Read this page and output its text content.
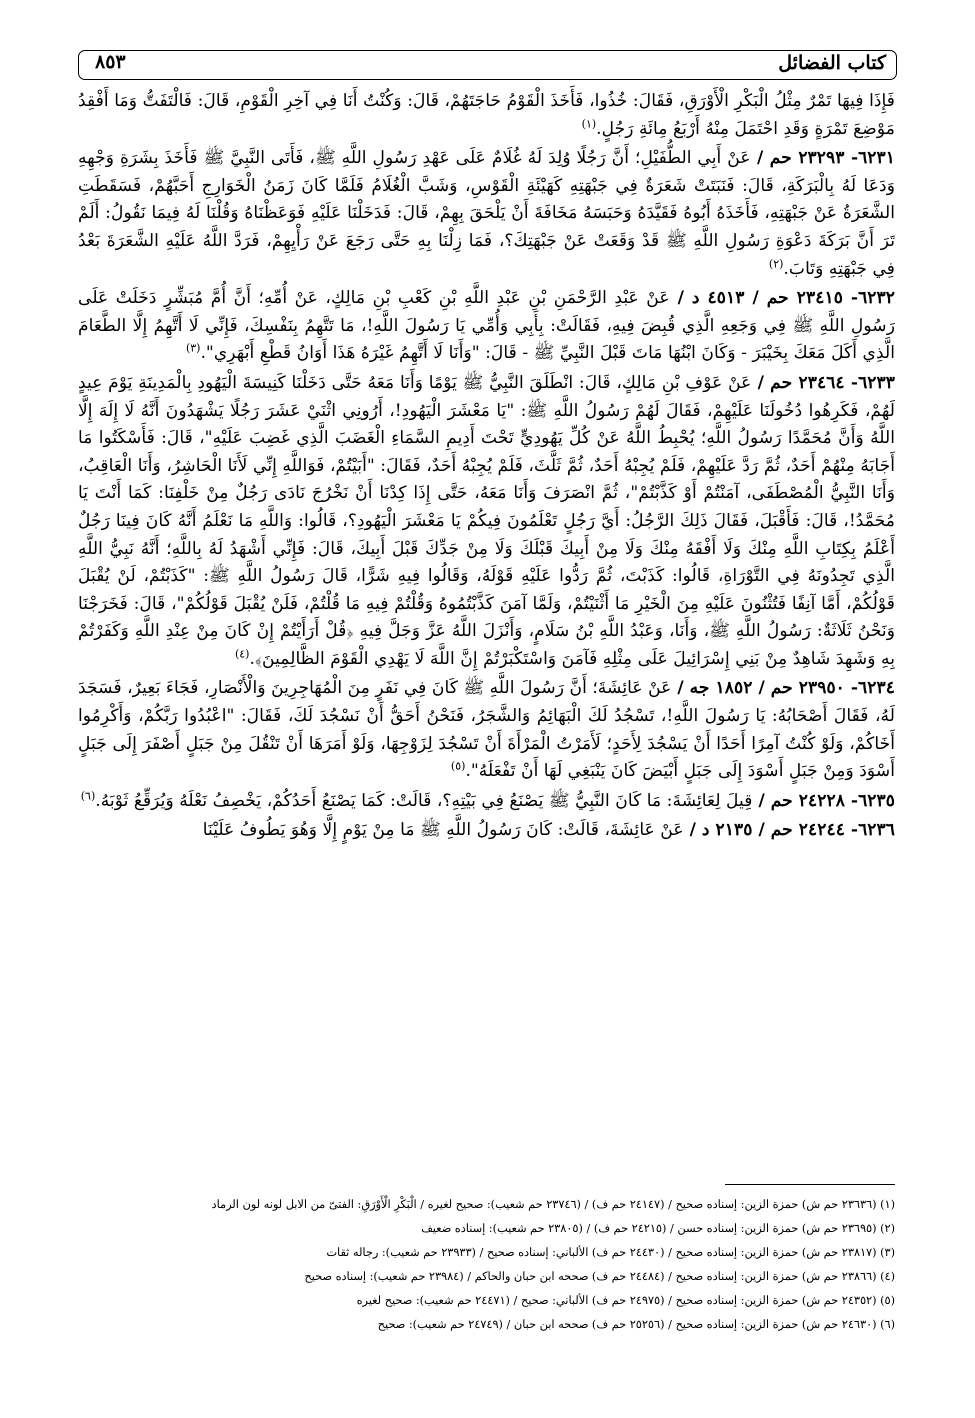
كتاب الفضائل
٨٥٣

فَإِذَا فِيهَا تَمْرٌ مِثْلُ الْبَكْرِ الْأَوْرَقِ، فَقَالَ: خُذُوا، فَأَخَذَ الْقَوْمُ حَاجَتَهُمْ، قَالَ: وَكُنْتُ أَنَا فِي آخِرِ الْقَوْمِ، قَالَ: فَالْتَفَتُّ وَمَا أَفْقِدُ مَوْضِعَ تَمْرَةٍ وَقَدِ احْتَمَلَ مِنْهُ أَرْبَعُ مِائَةِ رَجُلٍ.$^{(١)}$

٦٢٣١- ٢٣٢٩٣ حم / عَنْ أَبِي الطُّفَيْلِ؛ أَنَّ رَجُلًا وُلِدَ لَهُ غُلَامٌ عَلَى عَهْدِ رَسُولِ اللَّهِ ﷺ، فَأَتَى النَّبِيَّ ﷺ فَأَخَذَ بِشَرَةِ وَجْهِهِ وَدَعَا لَهُ بِالْبَرَكَةِ، قَالَ: فَنَبَتَتْ شَعَرَةٌ فِي جَبْهَتِهِ كَهَيْئَةِ الْقَوْسِ، وَشَبَّ الْغُلَامُ فَلَمَّا كَانَ زَمَنُ الْخَوَارِجِ أَحَبَّهُمْ، فَسَقَطَتِ الشَّعَرَةُ عَنْ جَبْهَتِهِ، فَأَخَذَهُ أَبُوهُ فَقَيَّدَهُ وَحَبَسَهُ مَخَافَةَ أَنْ يَلْحَقَ بِهِمْ، قَالَ: فَدَخَلْنَا عَلَيْهِ فَوَعَظْنَاهُ وَقُلْنَا لَهُ فِيمَا نَقُولُ: أَلَمْ تَرَ أَنَّ بَرَكَةَ دَعْوَةِ رَسُولِ اللَّهِ ﷺ قَدْ وَقَعَتْ عَنْ جَبْهَتِكَ؟، فَمَا زِلْنَا بِهِ حَتَّى رَجَعَ عَنْ رَأْيِهِمْ، فَرَدَّ اللَّهُ عَلَيْهِ الشَّعَرَةَ بَعْدُ فِي جَبْهَتِهِ وَتَابَ.$^{(٢)}$

٦٢٣٢- ٢٣٤١٥ حم / ٤٥١٣ د / عَنْ عَبْدِ الرَّحْمَنِ بْنِ عَبْدِ اللَّهِ بْنِ كَعْبِ بْنِ مَالِكٍ، عَنْ أُمِّهِ؛ أَنَّ أُمَّ مُبَشِّرٍ دَخَلَتْ عَلَى رَسُولِ اللَّهِ ﷺ فِي وَجَعِهِ الَّذِي قُبِضَ فِيهِ، فَقَالَتْ: بِأَبِي وَأُمِّي يَا رَسُولَ اللَّهِ!، مَا تَتَّهِمُ بِنَفْسِكَ، فَإِنِّي لَا أَتَّهِمُ إِلَّا الطَّعَامَ الَّذِي أَكَلَ مَعَكَ بِخَيْبَرَ - وَكَانَ ابْنُهَا مَاتَ قَبْلَ النَّبِيِّ ﷺ - قَالَ: "وَأَنَا لَا أَتَّهِمُ غَيْرَهُ هَذَا أَوَانُ قَطْعِ أَبْهَرِي".$^{(٣)}$

٦٢٣٣- ٢٣٤٦٤ حم / عَنْ عَوْفِ بْنِ مَالِكٍ، قَالَ: انْطَلَقَ النَّبِيُّ ﷺ يَوْمًا وَأَنَا مَعَهُ حَتَّى دَخَلْنَا كَنِيسَةَ الْيَهُودِ بِالْمَدِينَةِ يَوْمَ عِيدٍ لَهُمْ، فَكَرِهُوا دُخُولَنَا عَلَيْهِمْ، فَقَالَ لَهُمْ رَسُولُ اللَّهِ ﷺ: "يَا مَعْشَرَ الْيَهُودِ!، أَرُونِي اثْنَيْ عَشَرَ رَجُلًا يَشْهَدُونَ أَنَّهُ لَا إِلَهَ إِلَّا اللَّهُ وَأَنَّ مُحَمَّدًا رَسُولُ اللَّهِ؛ يُحْبِطُ اللَّهُ عَنْ كُلِّ يَهُودِيٍّ تَحْتَ أَدِيمِ السَّمَاءِ الْغَضَبَ الَّذِي غَضِبَ عَلَيْهِ"، قَالَ: فَأَسْكَتُوا مَا أَجَابَهُ مِنْهُمْ أَحَدٌ، ثُمَّ رَدَّ عَلَيْهِمْ، فَلَمْ يُجِبْهُ أَحَدٌ، ثُمَّ ثَلَّثَ، فَلَمْ يُجِبْهُ أَحَدٌ، فَقَالَ: "أَبَيْتُمْ، فَوَاللَّهِ إِنِّي لَأَنَا الْحَاشِرُ، وَأَنَا الْعَاقِبُ، وَأَنَا النَّبِيُّ الْمُصْطَفَى، آمَنْتُمْ أَوْ كَذَّبْتُمْ"، ثُمَّ انْصَرَفَ وَأَنَا مَعَهُ، حَتَّى إِذَا كِدْنَا أَنْ نَخْرُجَ نَادَى رَجُلٌ مِنْ خَلْفِنَا: كَمَا أَنْتَ يَا مُحَمَّدُ!، قَالَ: فَأَقْبَلَ، فَقَالَ ذَلِكَ الرَّجُلُ: أَيَّ رَجُلٍ تَعْلَمُونَ فِيكُمْ يَا مَعْشَرَ الْيَهُودِ؟، قَالُوا: وَاللَّهِ مَا نَعْلَمُ أَنَّهُ كَانَ فِينَا رَجُلٌ أَعْلَمُ بِكِتَابِ اللَّهِ مِنْكَ وَلَا أَفْقَهُ مِنْكَ وَلَا مِنْ أَبِيكَ قَبْلَكَ وَلَا مِنْ جَدِّكَ قَبْلَ أَبِيكَ، قَالَ: فَإِنِّي أَشْهَدُ لَهُ بِاللَّهِ؛ أَنَّهُ نَبِيُّ اللَّهِ الَّذِي تَجِدُونَهُ فِي التَّوْرَاةِ، قَالُوا: كَذَبْتَ، ثُمَّ رَدُّوا عَلَيْهِ قَوْلَهُ، وَقَالُوا فِيهِ شَرًّا، قَالَ رَسُولُ اللَّهِ ﷺ: "كَذَبْتُمْ، لَنْ يُقْبَلَ قَوْلُكُمْ، أَمَّا آنِفًا فَتُثْنُونَ عَلَيْهِ مِنَ الْخَيْرِ مَا أَثْنَيْتُمْ، وَلَمَّا آمَنَ كَذَّبْتُمُوهُ وَقُلْتُمْ فِيهِ مَا قُلْتُمْ، فَلَنْ يُقْبَلَ قَوْلُكُمْ"، قَالَ: فَخَرَجْنَا وَنَحْنُ ثَلَاثَةٌ: رَسُولُ اللَّهِ ﷺ، وَأَنَا، وَعَبْدُ اللَّهِ بْنُ سَلَامٍ، وَأَنْزَلَ اللَّهُ عَزَّ وَجَلَّ فِيهِ ﴿قُلْ أَرَأَيْتُمْ إِنْ كَانَ مِنْ عِنْدِ اللَّهِ وَكَفَرْتُمْ بِهِ وَشَهِدَ شَاهِدٌ مِنْ بَنِي إِسْرَائِيلَ عَلَى مِثْلِهِ فَآمَنَ وَاسْتَكْبَرْتُمْ إِنَّ اللَّهَ لَا يَهْدِي الْقَوْمَ الظَّالِمِينَ﴾.$^{(٤)}$

٦٢٣٤- ٢٣٩٥٠ حم / ١٨٥٢ جه / عَنْ عَائِشَةَ؛ أَنَّ رَسُولَ اللَّهِ ﷺ كَانَ فِي نَفَرٍ مِنَ الْمُهَاجِرِينَ وَالْأَنْصَارِ، فَجَاءَ بَعِيرٌ، فَسَجَدَ لَهُ، فَقَالَ أَصْحَابُهُ: يَا رَسُولَ اللَّهِ!، تَسْجُدُ لَكَ الْبَهَائِمُ وَالشَّجَرُ، فَنَحْنُ أَحَقُّ أَنْ نَسْجُدَ لَكَ، فَقَالَ: "اعْبُدُوا رَبَّكُمْ، وَأَكْرِمُوا أَخَاكُمْ، وَلَوْ كُنْتُ آمِرًا أَحَدًا أَنْ يَسْجُدَ لِأَحَدٍ؛ لَأَمَرْتُ الْمَرْأَةَ أَنْ تَسْجُدَ لِزَوْجِهَا، وَلَوْ أَمَرَهَا أَنْ تَنْقُلَ مِنْ جَبَلٍ أَصْفَرَ إِلَى جَبَلٍ أَسْوَدَ وَمِنْ جَبَلٍ أَسْوَدَ إِلَى جَبَلٍ أَبْيَضَ كَانَ يَنْبَغِي لَهَا أَنْ تَفْعَلَهُ".$^{(٥)}$

٦٢٣٥- ٢٤٢٢٨ حم / قِيلَ لِعَائِشَةَ: مَا كَانَ النَّبِيُّ ﷺ يَصْنَعُ فِي بَيْتِهِ؟، قَالَتْ: كَمَا يَصْنَعُ أَحَدُكُمْ، يَخْصِفُ نَعْلَهُ وَيُرَقِّعُ ثَوْبَهُ.$^{(٦)}$

٦٢٣٦- ٢٤٢٤٤ حم / ٢١٣٥ د / عَنْ عَائِشَةَ، قَالَتْ: كَانَ رَسُولُ اللَّهِ ﷺ مَا مِنْ يَوْمٍ إِلَّا وَهُوَ يَطُوفُ عَلَيْنَا

(١) (٢٣٦٣٦ حم ش) حمزة الزين: إسناده صحيح / (٢٤١٤٧ حم ف) / (٢٣٧٤٦ حم شعيب): صحيح لغيره / الْبَكْرِ الْأَوْرَقِ: الفتىّ من الابل لونه لون الرماد

(٢) (٢٣٦٩٥ حم ش) حمزة الزين: إسناده حسن / (٢٤٢١٥ حم ف) / (٢٣٨٠٥ حم شعيب): إسناده ضعيف

(٣) (٢٣٨١٧ حم ش) حمزة الزين: إسناده صحيح / (٢٤٤٣٠ حم ف) الألباني: إسناده صحيح / (٢٣٩٣٣ حم شعيب): رجاله ثقات

(٤) (٢٣٨٦٦ حم ش) حمزة الزين: إسناده صحيح / (٢٤٤٨٤ حم ف) صححه ابن حبان والحاكم / (٢٣٩٨٤ حم شعيب): إسناده صحيح

(٥) (٢٤٣٥٢ حم ش) حمزة الزين: إسناده صحيح / (٢٤٩٧٥ حم ف) الألباني: صحيح / (٢٤٤٧١ حم شعيب): صحيح لغيره

(٦) (٢٤٦٣٠ حم ش) حمزة الزين: إسناده صحيح / (٢٥٢٥٦ حم ف) صححه ابن حبان / (٢٤٧٤٩ حم شعيب): صحيح
